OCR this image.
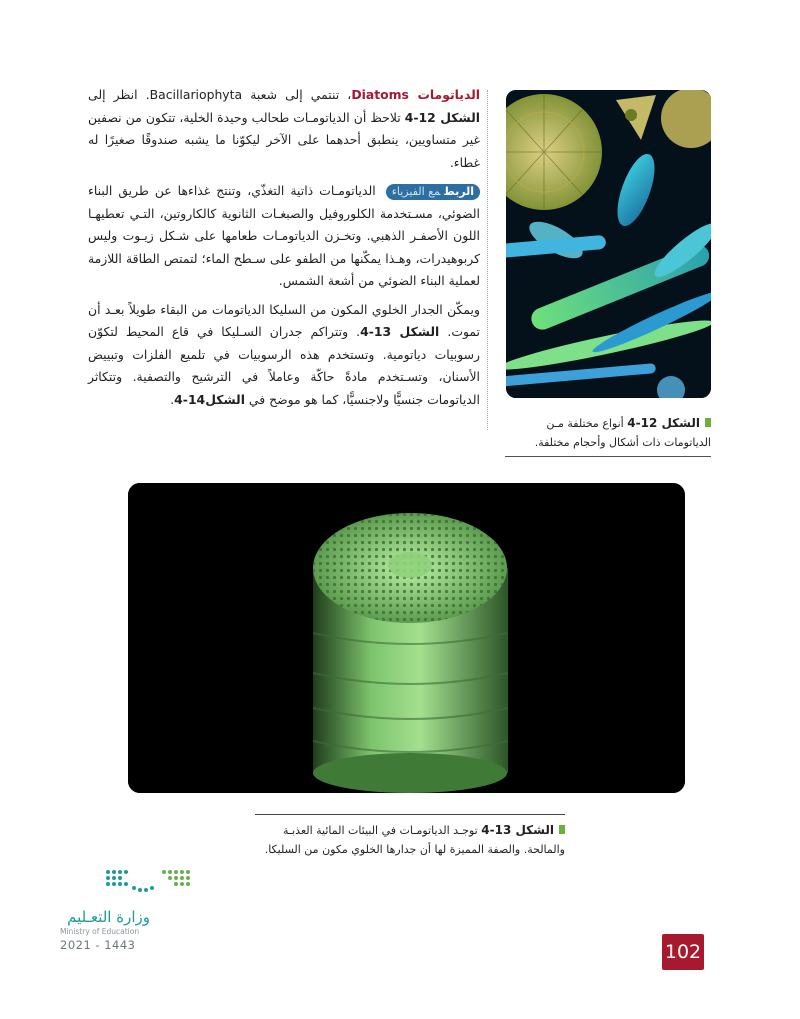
الدياتومات Diatoms، تنتمي إلى شعبة Bacillariophyta. انظر إلى الشكل 12-4 تلاحظ أن الدياتومـات طحالب وحيدة الخلية، تتكون من نصفين غير متساويين، ينطبق أحدهما على الآخر ليكوّنا ما يشبه صندوقًا صغيرًا له غطاء.

الربطمع الفيزياء الدياتومـات ذاتية التغذّي، وتنتج غذاءها عن طريق البناء الضوئي، مسـتخدمة الكلوروفيل والصبغـات الثانوية كالكاروتين، التـي تعطيهـا اللون الأصفـر الذهبي. وتخـزن الدياتومـات طعامها على شـكل زيـوت وليس كربوهيدرات، وهـذا يمكّنها من الطفو على سـطح الماء؛ لتمتص الطاقة اللازمة لعملية البناء الضوئي من أشعة الشمس.

ويمكّن الجدار الخلوي المكون من السليكا الدياتومات من البقاء طويلاً بعـد أن تموت. الشكل 13-4. وتتراكم جدران السـليكا في قاع المحيط لتكوّن رسوبيات دياتومية. وتستخدم هذه الرسوبيات في تلميع الفلزات وتبييض الأسنان، وتسـتخدم مادةً حاكّة وعاملاً في الترشيح والتصفية. وتتكاثر الدياتومات جنسيًّا ولاجنسيًّا، كما هو موضح في الشكل14-4.

الشكل 12-4 أنواع مختلفة مـن الدياتومات ذات أشكال وأحجام مختلفة.
الشكل 13-4 توجـد الدياتومـات في البيئات المائية العذبـة والمالحة. والصفة المميزة لها أن جدارها الخلوي مكون من السليكا.
وزارة التعـليم
Ministry of Education
2021 - 1443	102
